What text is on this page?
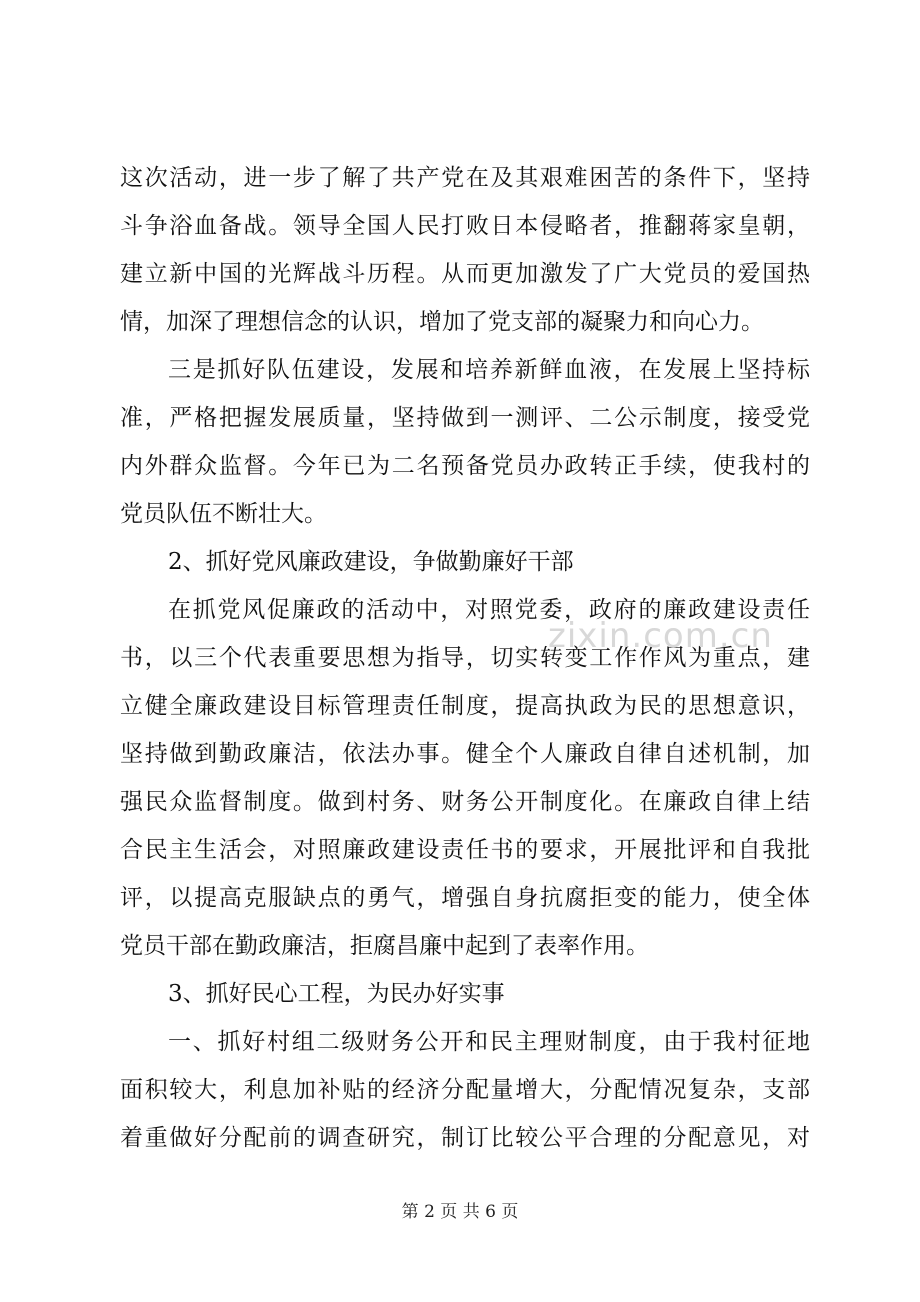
这次活动，进一步了解了共产党在及其艰难困苦的条件下，坚持
斗争浴血备战。领导全国人民打败日本侵略者，推翻蒋家皇朝，
建立新中国的光辉战斗历程。从而更加激发了广大党员的爱国热
情，加深了理想信念的认识，增加了党支部的凝聚力和向心力。
三是抓好队伍建设，发展和培养新鲜血液，在发展上坚持标
准，严格把握发展质量，坚持做到一测评、二公示制度，接受党
内外群众监督。今年已为二名预备党员办政转正手续，使我村的
党员队伍不断壮大。
2、抓好党风廉政建设，争做勤廉好干部
在抓党风促廉政的活动中，对照党委，政府的廉政建设责任
书，以三个代表重要思想为指导，切实转变工作作风为重点，建
立健全廉政建设目标管理责任制度，提高执政为民的思想意识，
坚持做到勤政廉洁，依法办事。健全个人廉政自律自述机制，加
强民众监督制度。做到村务、财务公开制度化。在廉政自律上结
合民主生活会，对照廉政建设责任书的要求，开展批评和自我批
评，以提高克服缺点的勇气，增强自身抗腐拒变的能力，使全体
党员干部在勤政廉洁，拒腐昌廉中起到了表率作用。
3、抓好民心工程，为民办好实事
一、抓好村组二级财务公开和民主理财制度，由于我村征地
面积较大，利息加补贴的经济分配量增大，分配情况复杂，支部
着重做好分配前的调查研究，制订比较公平合理的分配意见，对
zixin.com.cn
第 2 页 共 6 页
